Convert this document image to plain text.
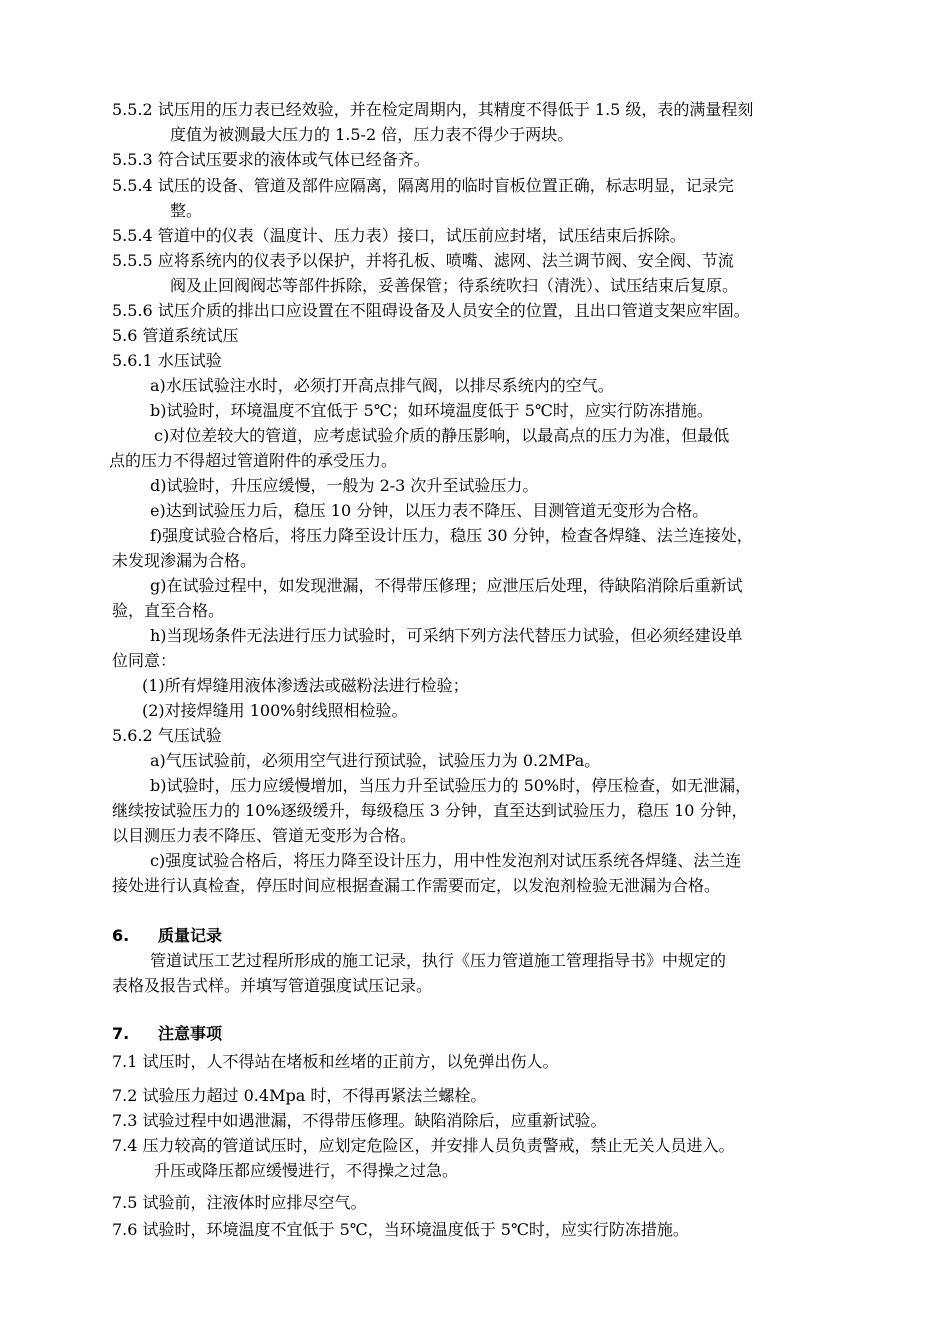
5.5.2 试压用的压力表已经效验，并在检定周期内，其精度不得低于 1.5 级，表的满量程刻
度值为被测最大压力的 1.5-2 倍，压力表不得少于两块。
5.5.3 符合试压要求的液体或气体已经备齐。
5.5.4 试压的设备、管道及部件应隔离，隔离用的临时盲板位置正确，标志明显，记录完
整。
5.5.4 管道中的仪表（温度计、压力表）接口，试压前应封堵，试压结束后拆除。
5.5.5 应将系统内的仪表予以保护，并将孔板、喷嘴、滤网、法兰调节阀、安全阀、节流
阀及止回阀阀芯等部件拆除，妥善保管；待系统吹扫（清洗）、试压结束后复原。
5.5.6 试压介质的排出口应设置在不阻碍设备及人员安全的位置，且出口管道支架应牢固。
5.6 管道系统试压
5.6.1 水压试验
a)水压试验注水时，必须打开高点排气阀，以排尽系统内的空气。
b)试验时，环境温度不宜低于 5℃；如环境温度低于 5℃时，应实行防冻措施。
c)对位差较大的管道，应考虑试验介质的静压影响，以最高点的压力为准，但最低
点的压力不得超过管道附件的承受压力。
d)试验时，升压应缓慢，一般为 2-3 次升至试验压力。
e)达到试验压力后，稳压 10 分钟，以压力表不降压、目测管道无变形为合格。
f)强度试验合格后，将压力降至设计压力，稳压 30 分钟，检查各焊缝、法兰连接处，
未发现渗漏为合格。
g)在试验过程中，如发现泄漏，不得带压修理；应泄压后处理，待缺陷消除后重新试
验，直至合格。
h)当现场条件无法进行压力试验时，可采纳下列方法代替压力试验，但必须经建设单
位同意：
(1)所有焊缝用液体渗透法或磁粉法进行检验；
(2)对接焊缝用 100%射线照相检验。
5.6.2 气压试验
a)气压试验前，必须用空气进行预试验，试验压力为 0.2MPa。
b)试验时，压力应缓慢增加，当压力升至试验压力的 50%时，停压检查，如无泄漏，
继续按试验压力的 10%逐级缓升，每级稳压 3 分钟，直至达到试验压力，稳压 10 分钟，
以目测压力表不降压、管道无变形为合格。
c)强度试验合格后，将压力降至设计压力，用中性发泡剂对试压系统各焊缝、法兰连
接处进行认真检查，停压时间应根据查漏工作需要而定，以发泡剂检验无泄漏为合格。
6. 质量记录
管道试压工艺过程所形成的施工记录，执行《压力管道施工管理指导书》中规定的
表格及报告式样。并填写管道强度试压记录。
7. 注意事项
7.1 试压时，人不得站在堵板和丝堵的正前方，以免弹出伤人。
7.2 试验压力超过 0.4Mpa 时，不得再紧法兰螺栓。
7.3 试验过程中如遇泄漏，不得带压修理。缺陷消除后，应重新试验。
7.4 压力较高的管道试压时，应划定危险区，并安排人员负责警戒，禁止无关人员进入。
升压或降压都应缓慢进行，不得操之过急。
7.5 试验前，注液体时应排尽空气。
7.6 试验时，环境温度不宜低于 5℃，当环境温度低于 5℃时，应实行防冻措施。
